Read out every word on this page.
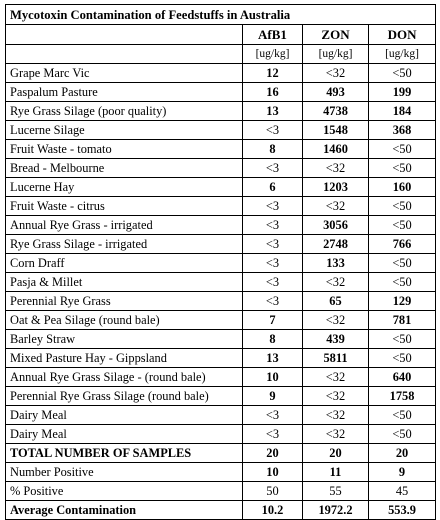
Mycotoxin Contamination of Feedstuffs in Australia			
	AfB1	ZON	DON
	[ug/kg]	[ug/kg]	[ug/kg]
Grape Marc Vic	12	<32	<50
Paspalum Pasture	16	493	199
Rye Grass Silage (poor quality)	13	4738	184
Lucerne Silage	<3	1548	368
Fruit Waste - tomato	8	1460	<50
Bread - Melbourne	<3	<32	<50
Lucerne Hay	6	1203	160
Fruit Waste - citrus	<3	<32	<50
Annual Rye Grass - irrigated	<3	3056	<50
Rye Grass Silage - irrigated	<3	2748	766
Corn Draff	<3	133	<50
Pasja & Millet	<3	<32	<50
Perennial Rye Grass	<3	65	129
Oat & Pea Silage (round bale)	7	<32	781
Barley Straw	8	439	<50
Mixed Pasture Hay - Gippsland	13	5811	<50
Annual Rye Grass Silage - (round bale)	10	<32	640
Perennial Rye Grass Silage (round bale)	9	<32	1758
Dairy Meal	<3	<32	<50
Dairy Meal	<3	<32	<50
TOTAL NUMBER OF SAMPLES	20	20	20
Number Positive	10	11	9
% Positive	50	55	45
Average Contamination	10.2	1972.2	553.9
